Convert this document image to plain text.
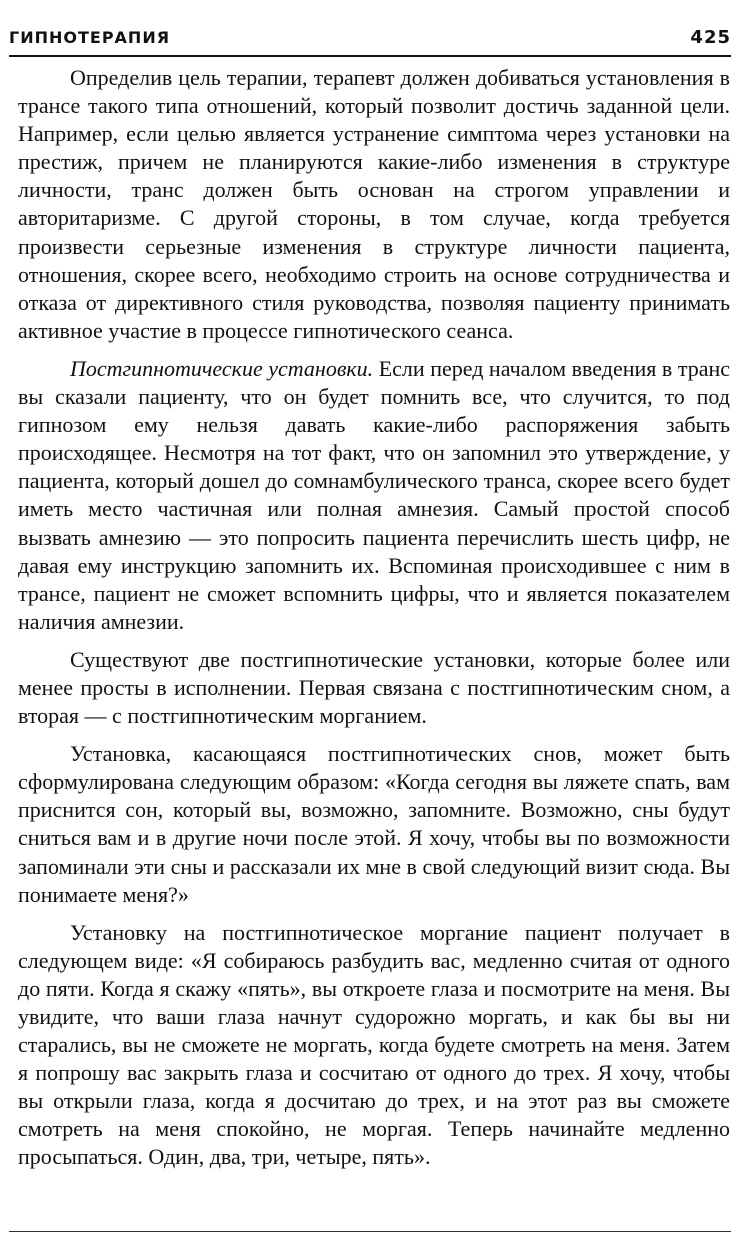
ГИПНОТЕРАПИЯ	425

Определив цель терапии, терапевт должен добиваться установления в трансе такого типа отношений, который позволит достичь заданной цели. Например, если целью является устранение симптома через установки на престиж, причем не планируются какие-либо изменения в структуре личности, транс должен быть основан на строгом управлении и авторитаризме. С другой стороны, в том случае, когда требуется произвести серьезные изменения в структуре личности пациента, отношения, скорее всего, необходимо строить на основе сотрудничества и отказа от директивного стиля руководства, позволяя пациенту принимать активное участие в процессе гипнотического сеанса.

Постгипнотические установки. Если перед началом введения в транс вы сказали пациенту, что он будет помнить все, что случится, то под гипнозом ему нельзя давать какие-либо распоряжения забыть происходящее. Несмотря на тот факт, что он запомнил это утверждение, у пациента, который дошел до сомнамбулического транса, скорее всего будет иметь место частичная или полная амнезия. Самый простой способ вызвать амнезию — это попросить пациента перечислить шесть цифр, не давая ему инструкцию запомнить их. Вспоминая происходившее с ним в трансе, пациент не сможет вспомнить цифры, что и является показателем наличия амнезии.

Существуют две постгипнотические установки, которые более или менее просты в исполнении. Первая связана с постгипнотическим сном, а вторая — с постгипнотическим морганием.

Установка, касающаяся постгипнотических снов, может быть сформулирована следующим образом: «Когда сегодня вы ляжете спать, вам приснится сон, который вы, возможно, запомните. Возможно, сны будут сниться вам и в другие ночи после этой. Я хочу, чтобы вы по возможности запоминали эти сны и рассказали их мне в свой следующий визит сюда. Вы понимаете меня?»

Установку на постгипнотическое моргание пациент получает в следующем виде: «Я собираюсь разбудить вас, медленно считая от одного до пяти. Когда я скажу «пять», вы откроете глаза и посмотрите на меня. Вы увидите, что ваши глаза начнут судорожно моргать, и как бы вы ни старались, вы не сможете не моргать, когда будете смотреть на меня. Затем я попрошу вас закрыть глаза и сосчитаю от одного до трех. Я хочу, чтобы вы открыли глаза, когда я досчитаю до трех, и на этот раз вы сможете смотреть на меня спокойно, не моргая. Теперь начинайте медленно просыпаться. Один, два, три, четыре, пять».
